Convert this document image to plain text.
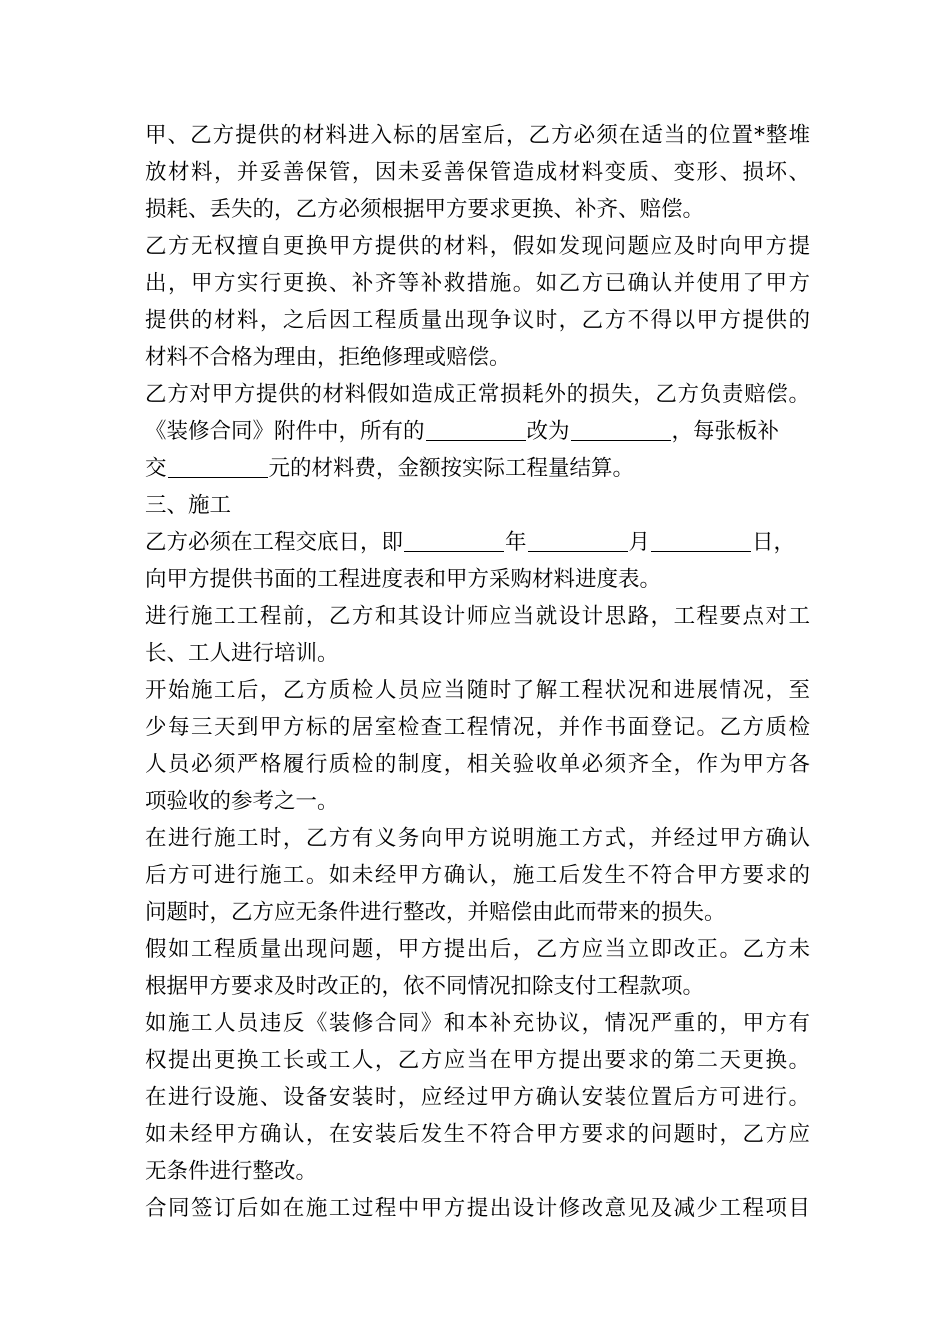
甲、乙方提供的材料进入标的居室后，乙方必须在适当的位置*整堆
放材料，并妥善保管，因未妥善保管造成材料变质、变形、损坏、
损耗、丢失的，乙方必须根据甲方要求更换、补齐、赔偿。
乙方无权擅自更换甲方提供的材料，假如发现问题应及时向甲方提
出，甲方实行更换、补齐等补救措施。如乙方已确认并使用了甲方
提供的材料，之后因工程质量出现争议时，乙方不得以甲方提供的
材料不合格为理由，拒绝修理或赔偿。
乙方对甲方提供的材料假如造成正常损耗外的损失，乙方负责赔偿。
《装修合同》附件中，所有的	改为	，每张板补
交	元的材料费，金额按实际工程量结算。
三、施工
乙方必须在工程交底日，即	年	月	日，
向甲方提供书面的工程进度表和甲方采购材料进度表。
进行施工工程前，乙方和其设计师应当就设计思路，工程要点对工
长、工人进行培训。
开始施工后，乙方质检人员应当随时了解工程状况和进展情况，至
少每三天到甲方标的居室检查工程情况，并作书面登记。乙方质检
人员必须严格履行质检的制度，相关验收单必须齐全，作为甲方各
项验收的参考之一。
在进行施工时，乙方有义务向甲方说明施工方式，并经过甲方确认
后方可进行施工。如未经甲方确认，施工后发生不符合甲方要求的
问题时，乙方应无条件进行整改，并赔偿由此而带来的损失。
假如工程质量出现问题，甲方提出后，乙方应当立即改正。乙方未
根据甲方要求及时改正的，依不同情况扣除支付工程款项。
如施工人员违反《装修合同》和本补充协议，情况严重的，甲方有
权提出更换工长或工人，乙方应当在甲方提出要求的第二天更换。
在进行设施、设备安装时，应经过甲方确认安装位置后方可进行。
如未经甲方确认，在安装后发生不符合甲方要求的问题时，乙方应
无条件进行整改。
合同签订后如在施工过程中甲方提出设计修改意见及减少工程项目
